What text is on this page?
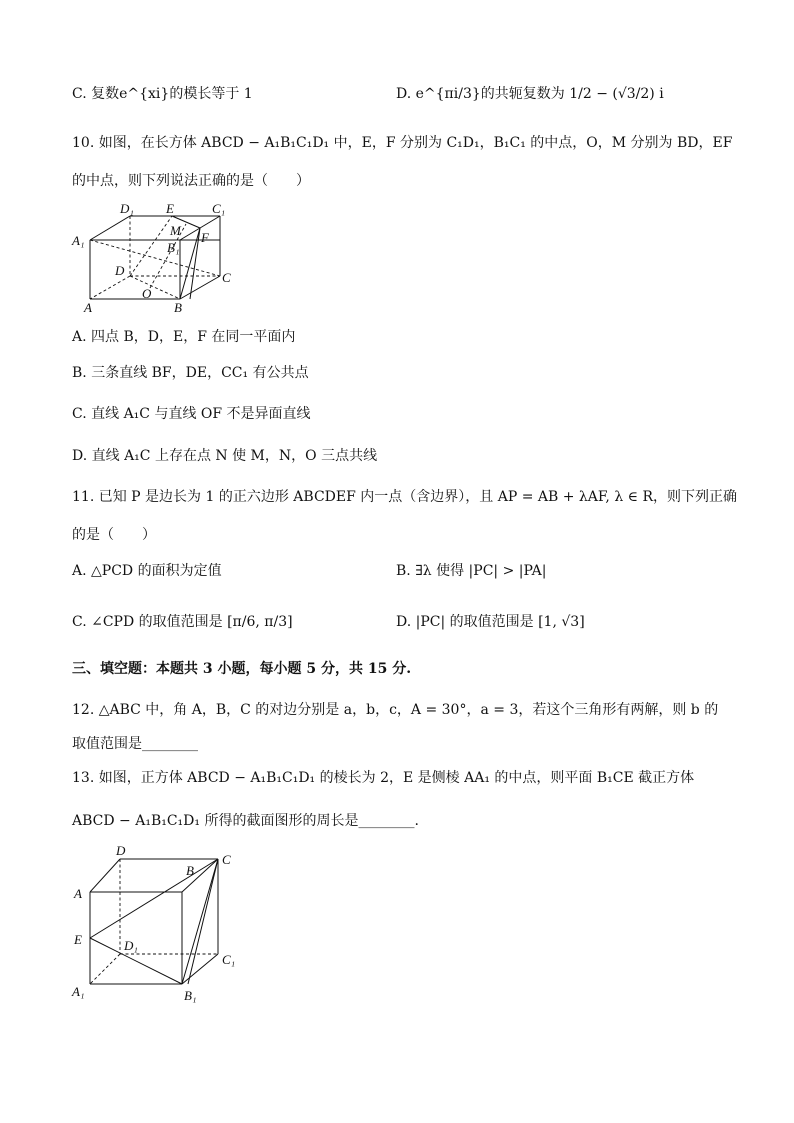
C. 复数e^{xi}的模长等于 1	D. e^{πi/3}的共轭复数为 1/2 − (√3/2) i
10. 如图，在长方体 ABCD − A₁B₁C₁D₁ 中，E，F 分别为 C₁D₁，B₁C₁ 的中点，O，M 分别为 BD，EF
的中点，则下列说法正确的是（　　）
D₁ E	C₁
A₁
M
B₁
F
D	C
O
A	B
A. 四点 B，D，E，F 在同一平面内
B. 三条直线 BF，DE，CC₁ 有公共点
C. 直线 A₁C 与直线 OF 不是异面直线
D. 直线 A₁C 上存在点 N 使 M，N，O 三点共线
11. 已知 P 是边长为 1 的正六边形 ABCDEF 内一点（含边界），且 AP = AB + λAF, λ ∈ R，则下列正确
的是（　　）
A. △PCD 的面积为定值	B. ∃λ 使得 |PC| > |PA|
C. ∠CPD 的取值范围是 [π/6, π/3]	D. |PC| 的取值范围是 [1, √3]
三、填空题：本题共 3 小题，每小题 5 分，共 15 分.
12. △ABC 中，角 A，B，C 的对边分别是 a，b，c，A = 30°，a = 3，若这个三角形有两解，则 b 的
取值范围是________
13. 如图，正方体 ABCD − A₁B₁C₁D₁ 的棱长为 2，E 是侧棱 AA₁ 的中点，则平面 B₁CE 截正方体
ABCD − A₁B₁C₁D₁ 所得的截面图形的周长是________.
D
C
A
B
E	D₁
C₁
A₁	B₁
